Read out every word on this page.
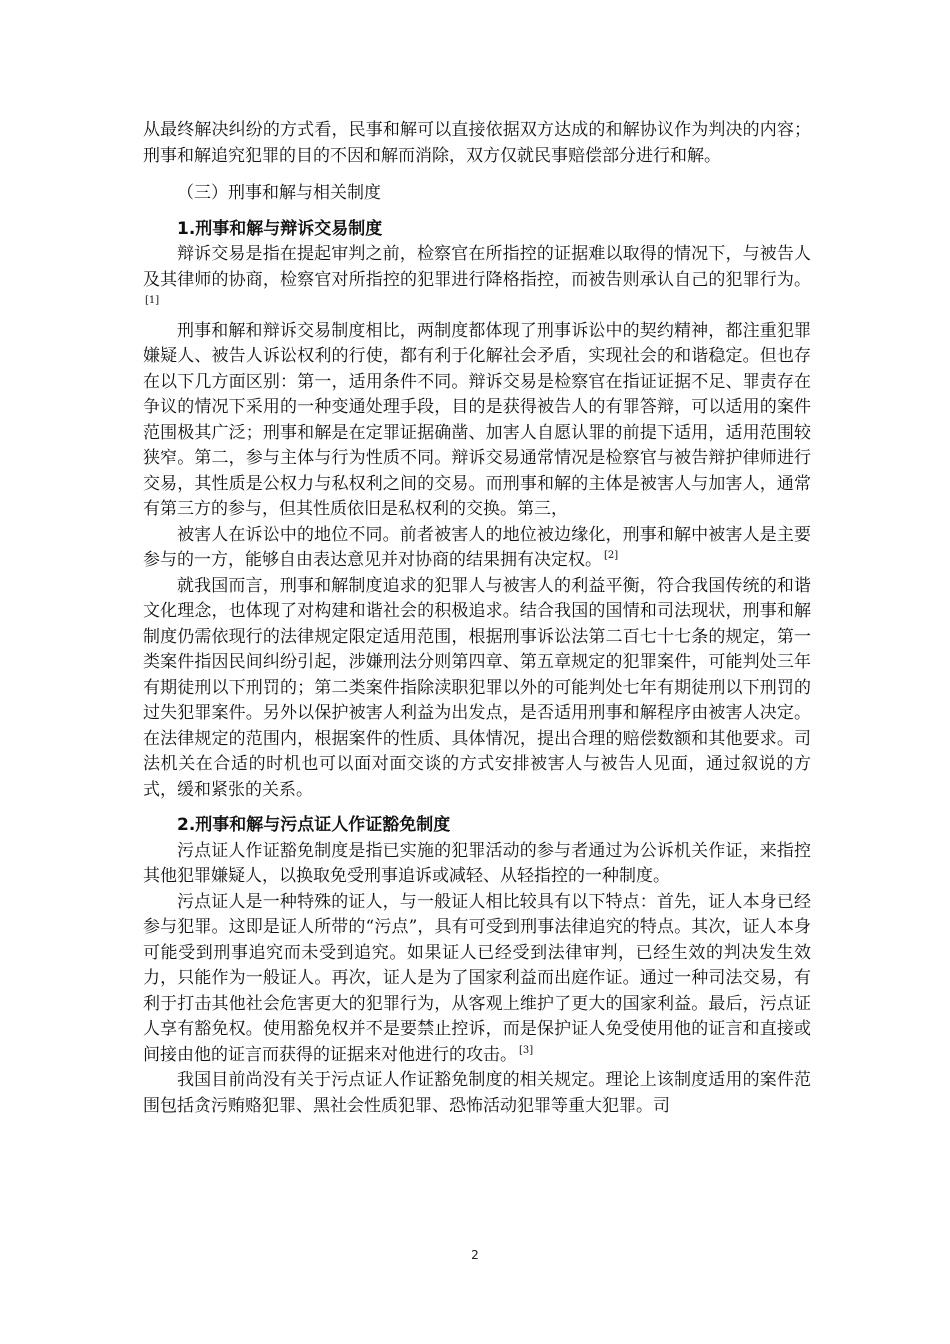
从最终解决纠纷的方式看，民事和解可以直接依据双方达成的和解协议作为判决的内容；刑事和解追究犯罪的目的不因和解而消除，双方仅就民事赔偿部分进行和解。

（三）刑事和解与相关制度

1.刑事和解与辩诉交易制度

辩诉交易是指在提起审判之前，检察官在所指控的证据难以取得的情况下，与被告人及其律师的协商，检察官对所指控的犯罪进行降格指控，而被告则承认自己的犯罪行为。[1]

刑事和解和辩诉交易制度相比，两制度都体现了刑事诉讼中的契约精神，都注重犯罪嫌疑人、被告人诉讼权利的行使，都有利于化解社会矛盾，实现社会的和谐稳定。但也存在以下几方面区别：第一，适用条件不同。辩诉交易是检察官在指证证据不足、罪责存在争议的情况下采用的一种变通处理手段，目的是获得被告人的有罪答辩，可以适用的案件范围极其广泛；刑事和解是在定罪证据确凿、加害人自愿认罪的前提下适用，适用范围较狭窄。第二，参与主体与行为性质不同。辩诉交易通常情况是检察官与被告辩护律师进行交易，其性质是公权力与私权利之间的交易。而刑事和解的主体是被害人与加害人，通常有第三方的参与，但其性质依旧是私权利的交换。第三，

被害人在诉讼中的地位不同。前者被害人的地位被边缘化，刑事和解中被害人是主要参与的一方，能够自由表达意见并对协商的结果拥有决定权。 [2]

就我国而言，刑事和解制度追求的犯罪人与被害人的利益平衡，符合我国传统的和谐文化理念，也体现了对构建和谐社会的积极追求。结合我国的国情和司法现状，刑事和解制度仍需依现行的法律规定限定适用范围，根据刑事诉讼法第二百七十七条的规定，第一类案件指因民间纠纷引起，涉嫌刑法分则第四章、第五章规定的犯罪案件，可能判处三年有期徒刑以下刑罚的；第二类案件指除渎职犯罪以外的可能判处七年有期徒刑以下刑罚的过失犯罪案件。另外以保护被害人利益为出发点，是否适用刑事和解程序由被害人决定。在法律规定的范围内，根据案件的性质、具体情况，提出合理的赔偿数额和其他要求。司法机关在合适的时机也可以面对面交谈的方式安排被害人与被告人见面，通过叙说的方式，缓和紧张的关系。

2.刑事和解与污点证人作证豁免制度

污点证人作证豁免制度是指已实施的犯罪活动的参与者通过为公诉机关作证，来指控其他犯罪嫌疑人，以换取免受刑事追诉或减轻、从轻指控的一种制度。

污点证人是一种特殊的证人，与一般证人相比较具有以下特点：首先，证人本身已经参与犯罪。这即是证人所带的“污点”，具有可受到刑事法律追究的特点。其次，证人本身可能受到刑事追究而未受到追究。如果证人已经受到法律审判，已经生效的判决发生效力，只能作为一般证人。再次，证人是为了国家利益而出庭作证。通过一种司法交易，有利于打击其他社会危害更大的犯罪行为，从客观上维护了更大的国家利益。最后，污点证人享有豁免权。使用豁免权并不是要禁止控诉，而是保护证人免受使用他的证言和直接或间接由他的证言而获得的证据来对他进行的攻击。 [3]

我国目前尚没有关于污点证人作证豁免制度的相关规定。理论上该制度适用的案件范围包括贪污贿赂犯罪、黑社会性质犯罪、恐怖活动犯罪等重大犯罪。司

2
